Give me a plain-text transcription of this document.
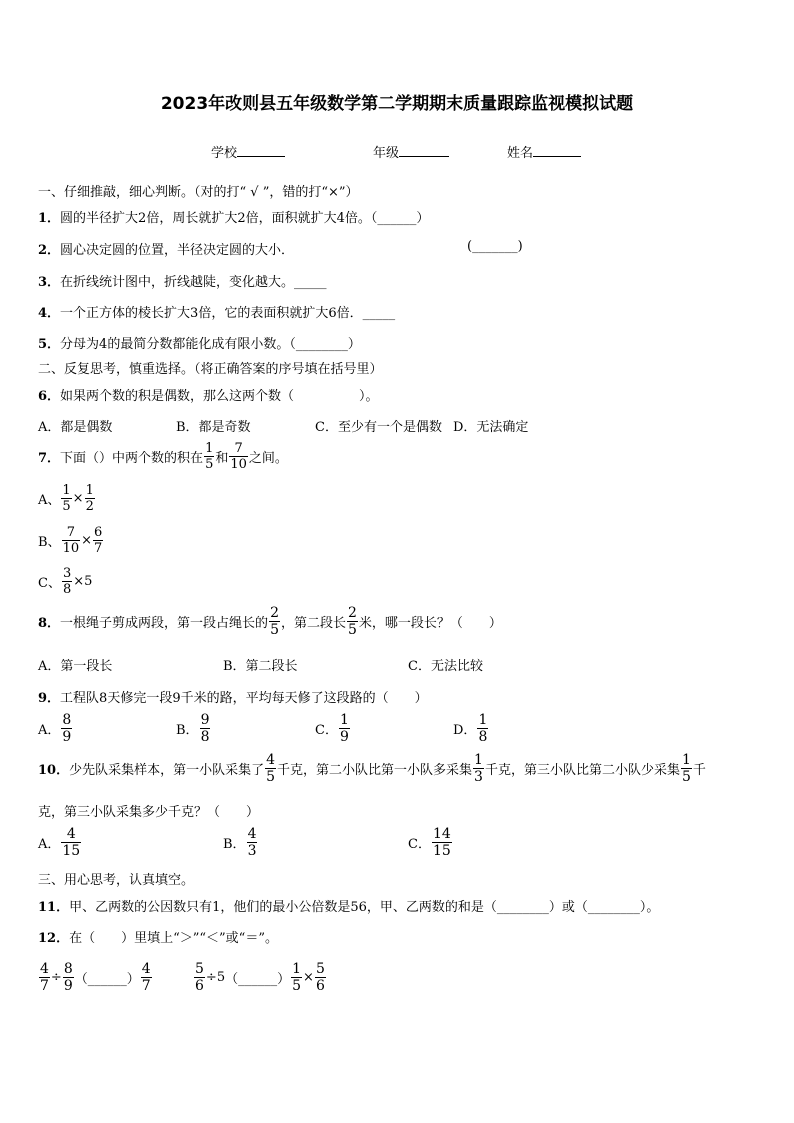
2023年改则县五年级数学第二学期期末质量跟踪监视模拟试题
学校	年级	姓名
一、仔细推敲，细心判断。（对的打“ √ ”，错的打“×”）
1．圆的半径扩大2倍，周长就扩大2倍，面积就扩大4倍。（______）
2．圆心决定圆的位置，半径决定圆的大小．	(_______)
3．在折线统计图中，折线越陡，变化越大。_____
4．一个正方体的棱长扩大3倍，它的表面积就扩大6倍．_____
5．分母为4的最简分数都能化成有限小数。（________）
二、反复思考，慎重选择。（将正确答案的序号填在括号里）
6．如果两个数的积是偶数，那么这两个数（　　　　　）。
A．都是偶数	B．都是奇数	C．至少有一个是偶数 D．无法确定
7．下面（）中两个数的积在 $\frac{1}{5}$ 和 $\frac{7}{10}$ 之间。
A、 $\frac{1}{5} \times \frac{1}{2}$
B、 $\frac{7}{10} \times \frac{6}{7}$
C、 $\frac{3}{8} \times 5$
8．一根绳子剪成两段，第一段占绳长的 $\frac{2}{5}$ ，第二段长 $\frac{2}{5}$ 米，哪一段长？（　　）
A．第一段长	B．第二段长	C．无法比较
9．工程队8天修完一段9千米的路，平均每天修了这段路的（　　）
A． $\frac{8}{9}$	B． $\frac{9}{8}$	C． $\frac{1}{9}$	D． $\frac{1}{8}$
10．少先队采集样本，第一小队采集了 $\frac{4}{5}$ 千克，第二小队比第一小队多采集 $\frac{1}{3}$ 千克，第三小队比第二小队少采集 $\frac{1}{5}$ 千
克，第三小队采集多少千克？（　　）
A． $\frac{4}{15}$	B． $\frac{4}{3}$	C． $\frac{14}{15}$
三、用心思考，认真填空。
11．甲、乙两数的公因数只有1，他们的最小公倍数是56，甲、乙两数的和是（________）或（________）。
12．在（　　）里填上“＞”“＜”或“＝”。
$\frac{4}{7} \div \frac{8}{9}$ （______） $\frac{4}{7}$	$\frac{5}{6}$ ÷5（______） $\frac{1}{5} \times \frac{5}{6}$
